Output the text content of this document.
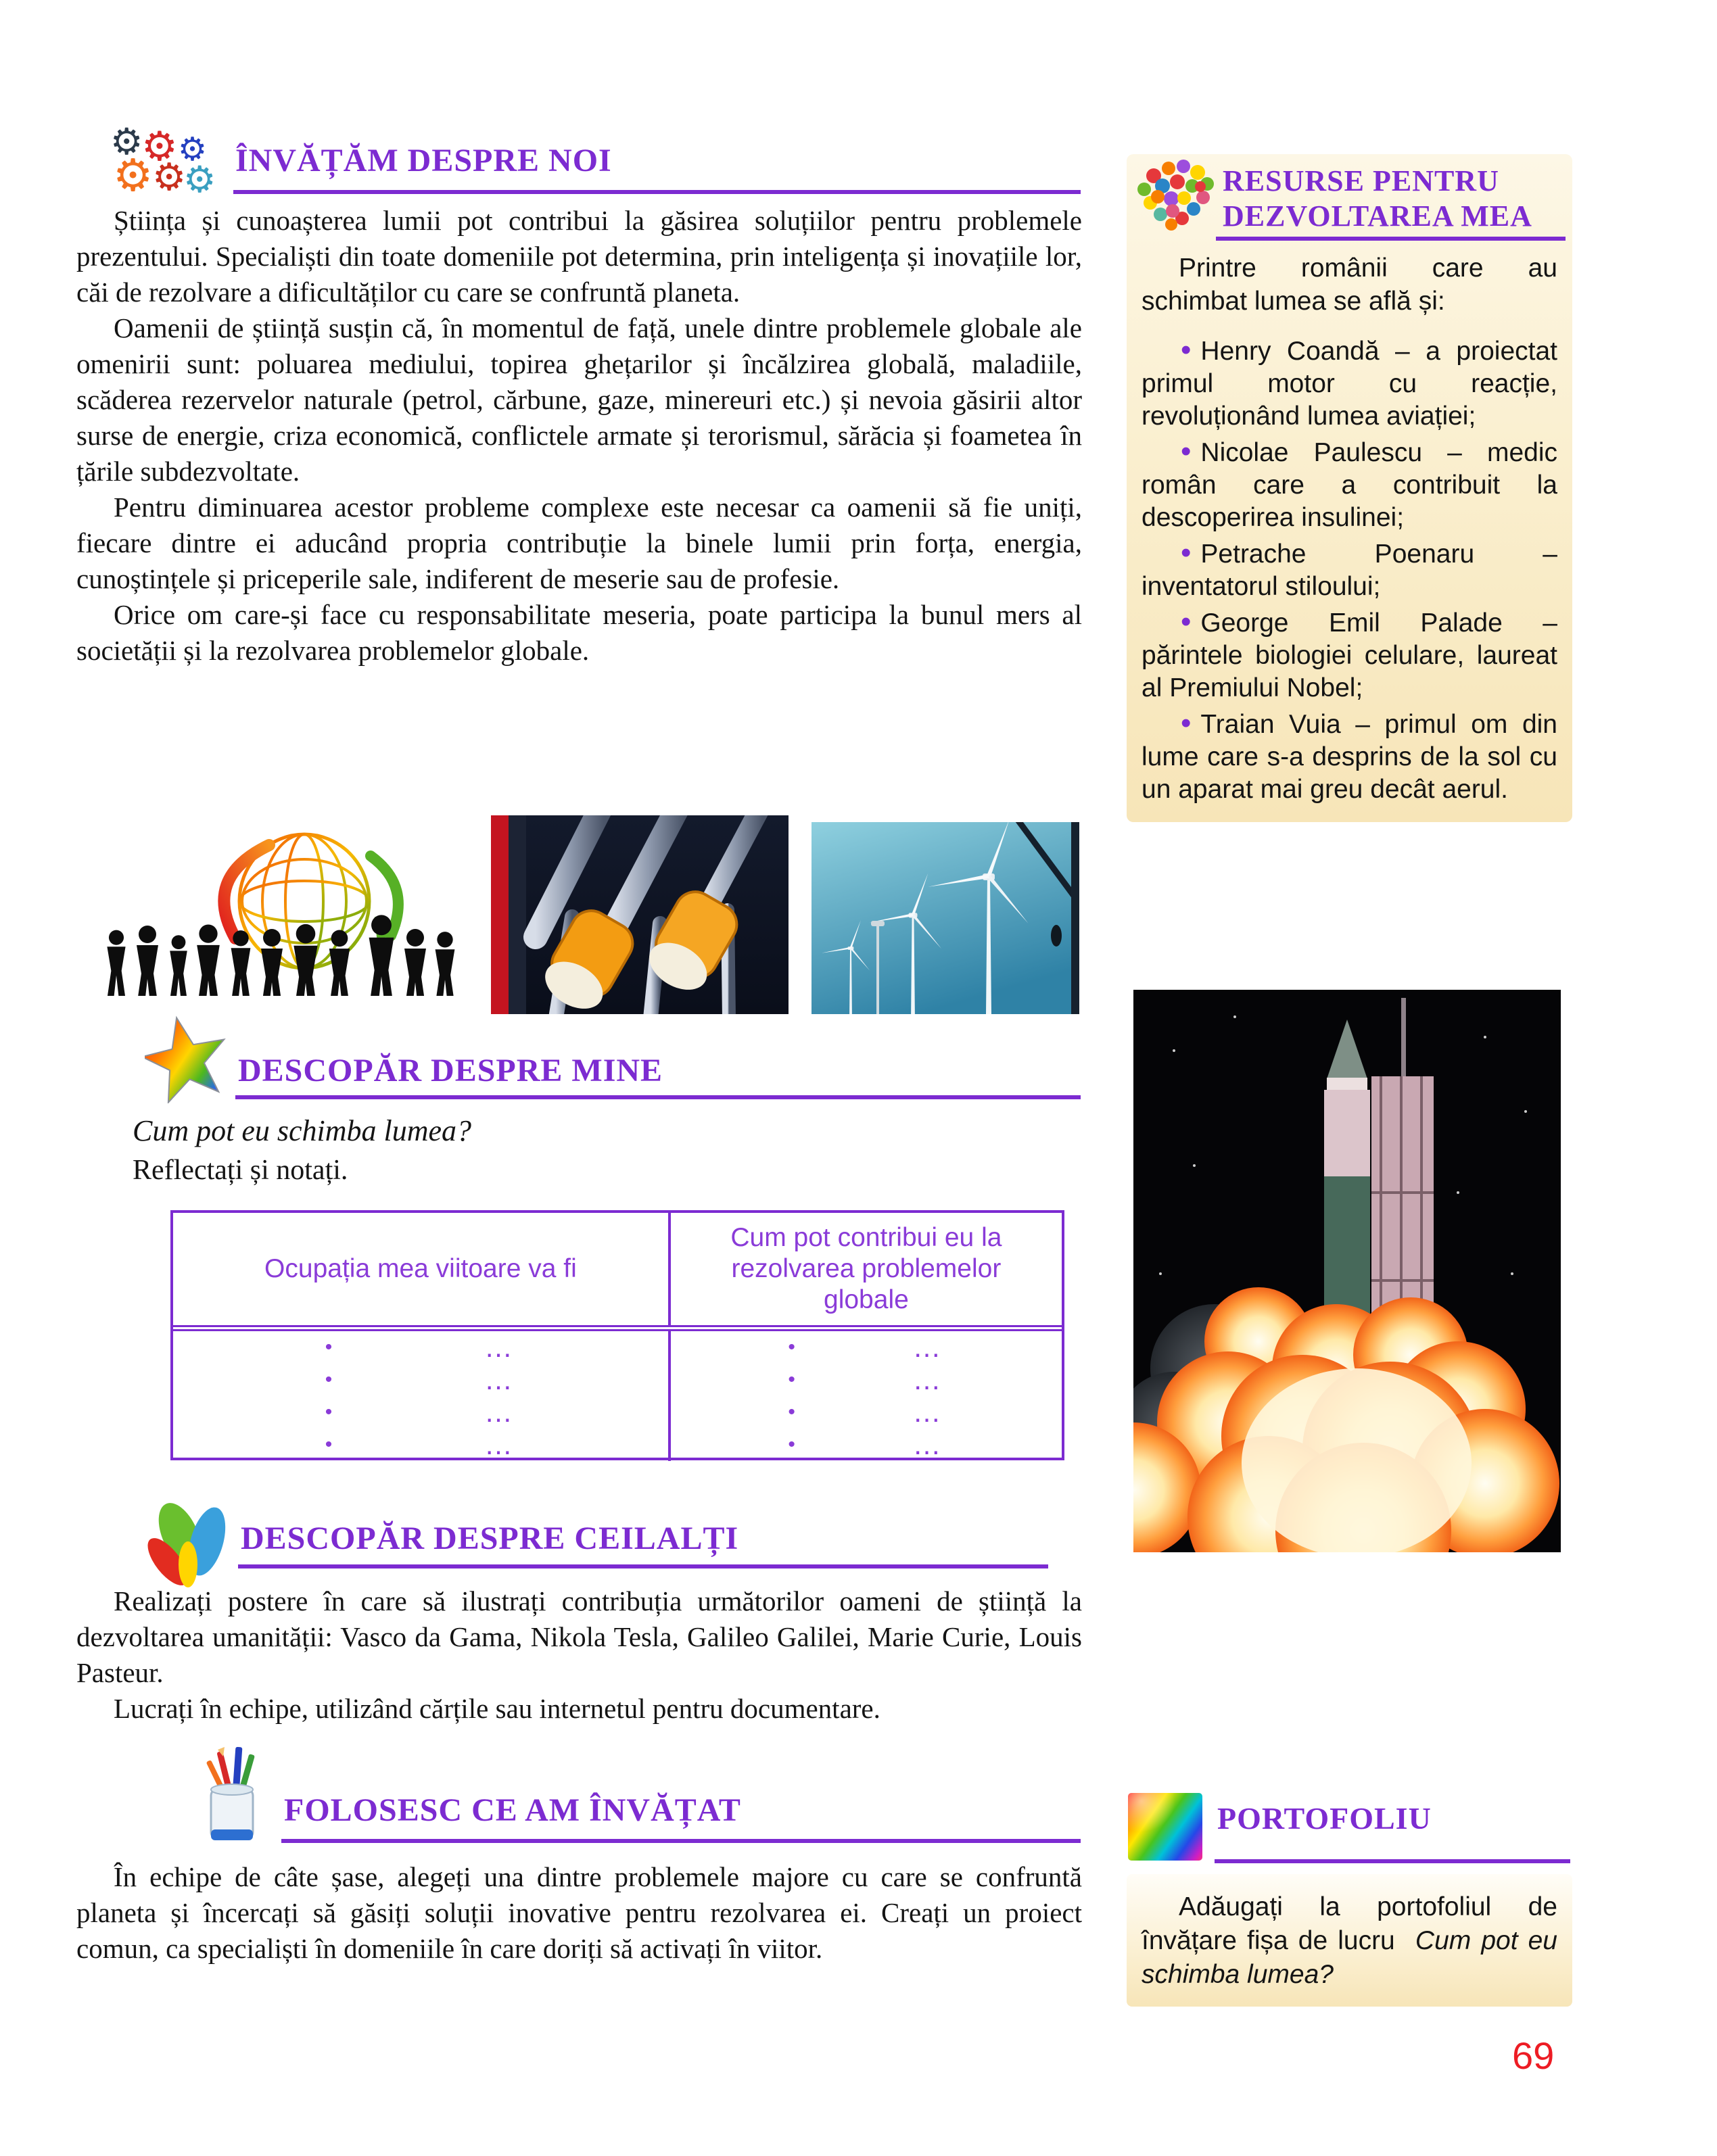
⚙
⚙ ⚙
⚙
⚙
⚙ ÎNVĂȚĂM DESPRE NOI

Știința și cunoașterea lumii pot contribui la găsirea soluțiilor pentru problemele prezentului. Specialiști din toate domeniile pot determina, prin inteligența și inovațiile lor, căi de rezolvare a dificultăților cu care se confruntă planeta.

Oamenii de știință susțin că, în momentul de față, unele dintre problemele globale ale omenirii sunt: poluarea mediului, topirea ghețarilor și încălzirea globală, maladiile, scăderea rezervelor naturale (petrol, cărbune, gaze, minereuri etc.) și nevoia găsirii altor surse de energie, criza economică, conflictele armate și terorismul, sărăcia și foametea în țările subdezvoltate.

Pentru diminuarea acestor probleme complexe este necesar ca oamenii să fie uniți, fiecare dintre ei aducând propria contribuție la binele lumii prin forța, energia, cunoștințele și priceperile sale, indiferent de meserie sau de profesie.

Orice om care-și face cu responsabilitate meseria, poate participa la bunul mers al societății și la rezolvarea problemelor globale.

DESCOPĂR DESPRE MINE
Cum pot eu schimba lumea?
Reflectați și notați.
Ocupația mea viitoare va fi
Cum pot contribui eu la rezolvarea problemelor globale
•	…	•	…
•	…	•	…
•	…	•	…
•	…	•	…
DESCOPĂR DESPRE CEILALȚI

Realizați postere în care să ilustrați contribuția următorilor oameni de știință la dezvoltarea umanității: Vasco da Gama, Nikola Tesla, Galileo Galilei, Marie Curie, Louis Pasteur.

Lucrați în echipe, utilizând cărțile sau internetul pentru documentare.

FOLOSESC CE AM ÎNVĂȚAT

În echipe de câte șase, alegeți una dintre problemele majore cu care se confruntă planeta și încercați să găsiți soluții inovative pentru rezolvarea ei. Creați un proiect comun, ca specialiști în domeniile în care doriți să activați în viitor.

RESURSE PENTRU
DEZVOLTAREA MEA

Printre românii care au schimbat lumea se află și:

• Henry Coandă – a proiectat primul motor cu reacție, revoluționând lumea aviației;
• Nicolae Paulescu – medic român care a contribuit la descoperirea insulinei;
• Petrache Poenaru – inventatorul stiloului;
• George Emil Palade – părintele biologiei celulare, laureat al Premiului Nobel;
• Traian Vuia – primul om din lume care s-a desprins de la sol cu un aparat mai greu decât aerul.
PORTOFOLIU

Adăugați la portofoliul de învățare fișa de lucru Cum pot eu schimba lumea?

69
